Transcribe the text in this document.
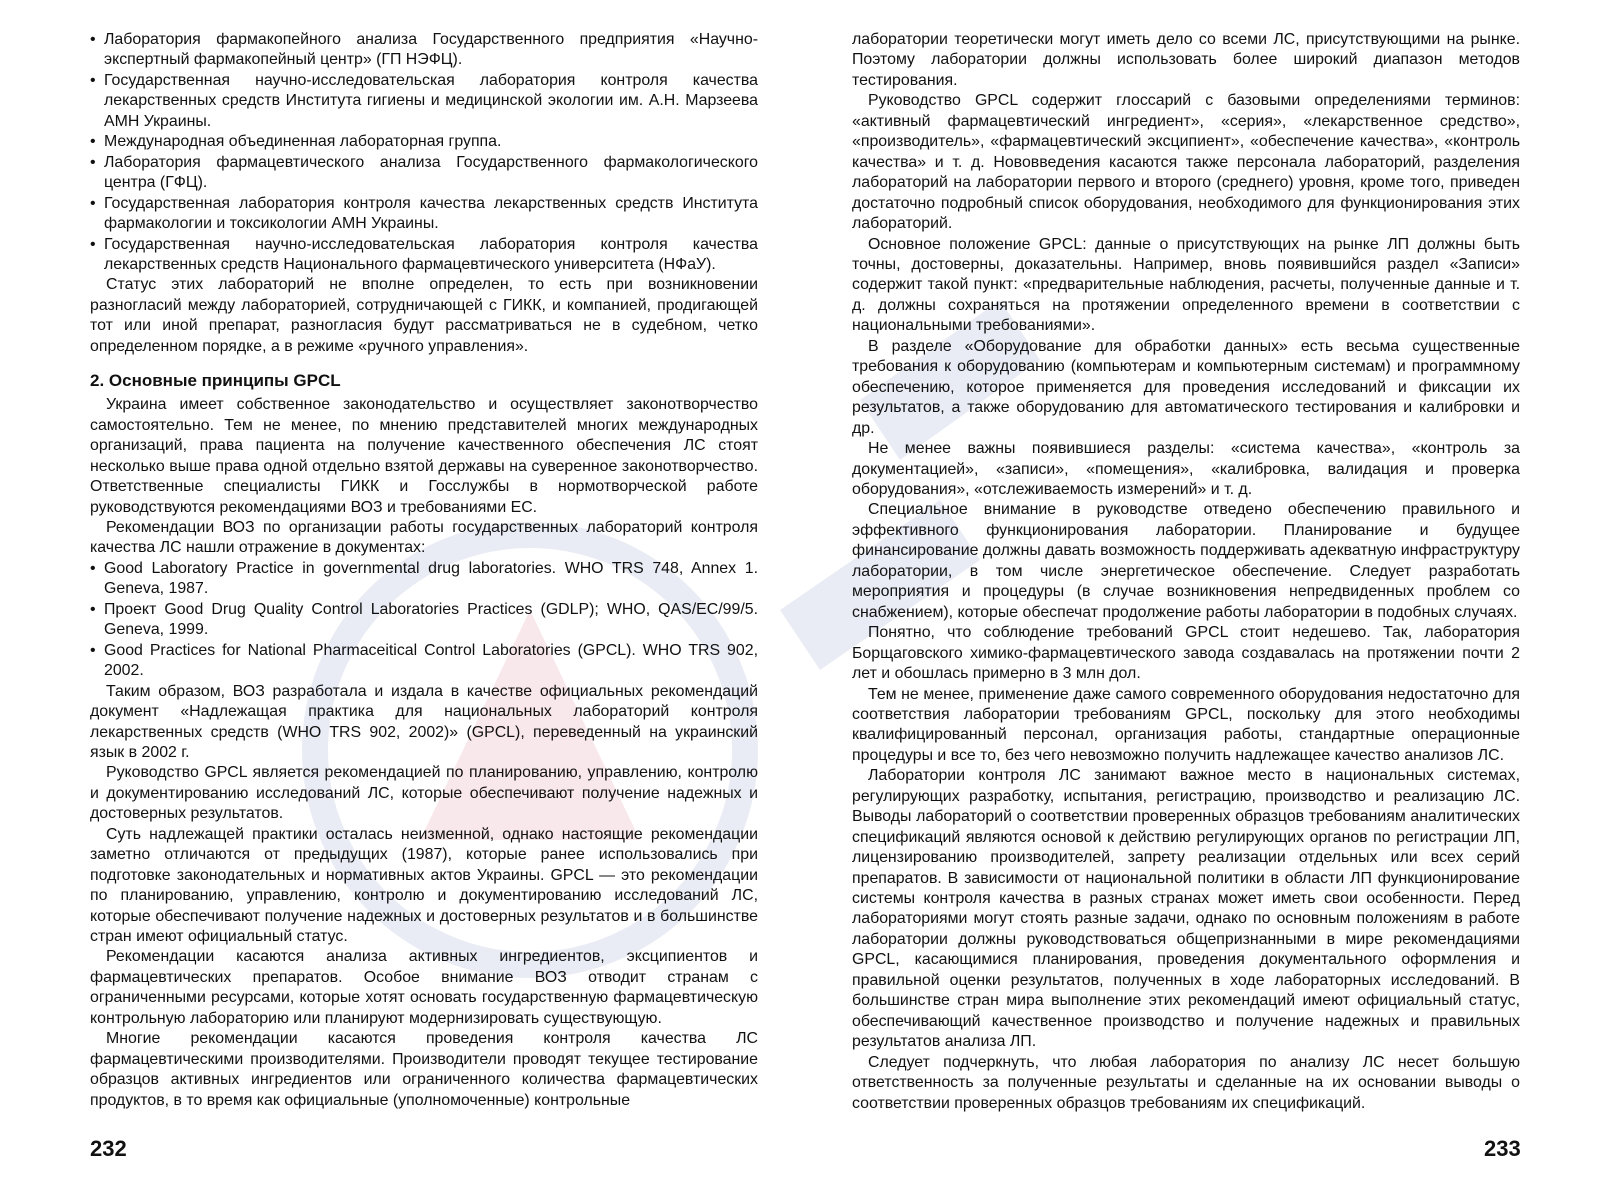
• Лаборатория фармакопейного анализа Государственного предприятия «Научно-экспертный фармакопейный центр» (ГП НЭФЦ).
• Государственная научно-исследовательская лаборатория контроля качества лекарственных средств Института гигиены и медицинской экологии им. А.Н. Марзеева АМН Украины.
• Международная объединенная лабораторная группа.
• Лаборатория фармацевтического анализа Государственного фармакологического центра (ГФЦ).
• Государственная лаборатория контроля качества лекарственных средств Института фармакологии и токсикологии АМН Украины.
• Государственная научно-исследовательская лаборатория контроля качества лекарственных средств Национального фармацевтического университета (НФаУ).

Статус этих лабораторий не вполне определен, то есть при возникновении разногласий между лабораторией, сотрудничающей с ГИКК, и компанией, продигающей тот или иной препарат, разногласия будут рассматриваться не в судебном, четко определенном порядке, а в режиме «ручного управления».

2. Основные принципы GPCL

Украина имеет собственное законодательство и осуществляет законотворчество самостоятельно. Тем не менее, по мнению представителей многих международных организаций, права пациента на получение качественного обеспечения ЛС стоят несколько выше права одной отдельно взятой державы на суверенное законотворчество. Ответственные специалисты ГИКК и Госслужбы в нормотворческой работе руководствуются рекомендациями ВОЗ и требованиями ЕС.

Рекомендации ВОЗ по организации работы государственных лабораторий контроля качества ЛС нашли отражение в документах:

• Good Laboratory Practice in governmental drug laboratories. WHO TRS 748, Annex 1. Geneva, 1987.
• Проект Good Drug Quality Control Laboratories Practices (GDLP); WHO, QAS/EC/99/5. Geneva, 1999.
• Good Practices for National Pharmaceitical Control Laboratories (GPCL). WHO TRS 902, 2002.

Таким образом, ВОЗ разработала и издала в качестве официальных рекомендаций документ «Надлежащая практика для национальных лабораторий контроля лекарственных средств (WHO TRS 902, 2002)» (GPCL), переведенный на украинский язык в 2002 г.

Руководство GPCL является рекомендацией по планированию, управлению, контролю и документированию исследований ЛС, которые обеспечивают получение надежных и достоверных результатов.

Суть надлежащей практики осталась неизменной, однако настоящие рекомендации заметно отличаются от предыдущих (1987), которые ранее использовались при подготовке законодательных и нормативных актов Украины. GPCL — это рекомендации по планированию, управлению, контролю и документированию исследований ЛС, которые обеспечивают получение надежных и достоверных результатов и в большинстве стран имеют официальный статус.

Рекомендации касаются анализа активных ингредиентов, эксципиентов и фармацевтических препаратов. Особое внимание ВОЗ отводит странам с ограниченными ресурсами, которые хотят основать государственную фармацевтическую контрольную лабораторию или планируют модернизировать существующую.

Многие рекомендации касаются проведения контроля качества ЛС фармацевтическими производителями. Производители проводят текущее тестирование образцов активных ингредиентов или ограниченного количества фармацевтических продуктов, в то время как официальные (уполномоченные) контрольные

232

лаборатории теоретически могут иметь дело со всеми ЛС, присутствующими на рынке. Поэтому лаборатории должны использовать более широкий диапазон методов тестирования.

Руководство GPCL содержит глоссарий с базовыми определениями терминов: «активный фармацевтический ингредиент», «серия», «лекарственное средство», «производитель», «фармацевтический эксципиент», «обеспечение качества», «контроль качества» и т. д. Нововведения касаются также персонала лабораторий, разделения лабораторий на лаборатории первого и второго (среднего) уровня, кроме того, приведен достаточно подробный список оборудования, необходимого для функционирования этих лабораторий.

Основное положение GPCL: данные о присутствующих на рынке ЛП должны быть точны, достоверны, доказательны. Например, вновь появившийся раздел «Записи» содержит такой пункт: «предварительные наблюдения, расчеты, полученные данные и т. д. должны сохраняться на протяжении определенного времени в соответствии с национальными требованиями».

В разделе «Оборудование для обработки данных» есть весьма существенные требования к оборудованию (компьютерам и компьютерным системам) и программному обеспечению, которое применяется для проведения исследований и фиксации их результатов, а также оборудованию для автоматического тестирования и калибровки и др.

Не менее важны появившиеся разделы: «система качества», «контроль за документацией», «записи», «помещения», «калибровка, валидация и проверка оборудования», «отслеживаемость измерений» и т. д.

Специальное внимание в руководстве отведено обеспечению правильного и эффективного функционирования лаборатории. Планирование и будущее финансирование должны давать возможность поддерживать адекватную инфраструктуру лаборатории, в том числе энергетическое обеспечение. Следует разработать мероприятия и процедуры (в случае возникновения непредвиденных проблем со снабжением), которые обеспечат продолжение работы лаборатории в подобных случаях.

Понятно, что соблюдение требований GPCL стоит недешево. Так, лаборатория Борщаговского химико-фармацевтического завода создавалась на протяжении почти 2 лет и обошлась примерно в 3 млн дол.

Тем не менее, применение даже самого современного оборудования недостаточно для соответствия лаборатории требованиям GPCL, поскольку для этого необходимы квалифицированный персонал, организация работы, стандартные операционные процедуры и все то, без чего невозможно получить надлежащее качество анализов ЛС.

Лаборатории контроля ЛС занимают важное место в национальных системах, регулирующих разработку, испытания, регистрацию, производство и реализацию ЛС. Выводы лабораторий о соответствии проверенных образцов требованиям аналитических спецификаций являются основой к действию регулирующих органов по регистрации ЛП, лицензированию производителей, запрету реализации отдельных или всех серий препаратов. В зависимости от национальной политики в области ЛП функционирование системы контроля качества в разных странах может иметь свои особенности. Перед лабораториями могут стоять разные задачи, однако по основным положениям в работе лаборатории должны руководствоваться общепризнанными в мире рекомендациями GPCL, касающимися планирования, проведения документального оформления и правильной оценки результатов, полученных в ходе лабораторных исследований. В большинстве стран мира выполнение этих рекомендаций имеют официальный статус, обеспечивающий качественное производство и получение надежных и правильных результатов анализа ЛП.

Следует подчеркнуть, что любая лаборатория по анализу ЛС несет большую ответственность за полученные результаты и сделанные на их основании выводы о соответствии проверенных образцов требованиям их спецификаций.

233
